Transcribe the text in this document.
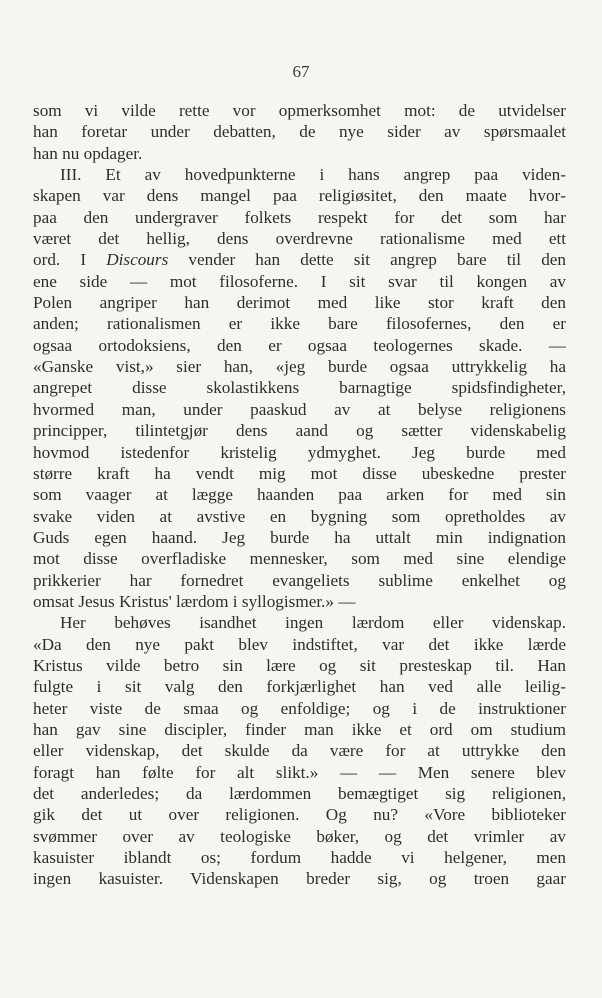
67
som vi vilde rette vor opmerksomhet mot: de utvidelser
han foretar under debatten, de nye sider av spørsmaalet
han nu opdager.
III. Et av hovedpunkterne i hans angrep paa viden‐
skapen var dens mangel paa religiøsitet, den maate hvor‐
paa den undergraver folkets respekt for det som har
været det hellig, dens overdrevne rationalisme med ett
ord. I Discours vender han dette sit angrep bare til den
ene side — mot filosoferne. I sit svar til kongen av
Polen angriper han derimot med like stor kraft den
anden; rationalismen er ikke bare filosofernes, den er
ogsaa ortodoksiens, den er ogsaa teologernes skade. —
«Ganske vist,» sier han, «jeg burde ogsaa uttrykkelig ha
angrepet disse skolastikkens barnagtige spidsfindigheter,
hvormed man, under paaskud av at belyse religionens
principper, tilintetgjør dens aand og sætter videnskabelig
hovmod istedenfor kristelig ydmyghet. Jeg burde med
større kraft ha vendt mig mot disse ubeskedne prester
som vaager at lægge haanden paa arken for med sin
svake viden at avstive en bygning som opretholdes av
Guds egen haand. Jeg burde ha uttalt min indignation
mot disse overfladiske mennesker, som med sine elendige
prikkerier har fornedret evangeliets sublime enkelhet og
omsat Jesus Kristus' lærdom i syllogismer.» —
Her behøves isandhet ingen lærdom eller videnskap.
«Da den nye pakt blev indstiftet, var det ikke lærde
Kristus vilde betro sin lære og sit presteskap til. Han
fulgte i sit valg den forkjærlighet han ved alle leilig‐
heter viste de smaa og enfoldige; og i de instruktioner
han gav sine discipler, finder man ikke et ord om studium
eller videnskap, det skulde da være for at uttrykke den
foragt han følte for alt slikt.» — — Men senere blev
det anderledes; da lærdommen bemægtiget sig religionen,
gik det ut over religionen. Og nu? «Vore biblioteker
svømmer over av teologiske bøker, og det vrimler av
kasuister iblandt os; fordum hadde vi helgener, men
ingen kasuister. Videnskapen breder sig, og troen gaar
